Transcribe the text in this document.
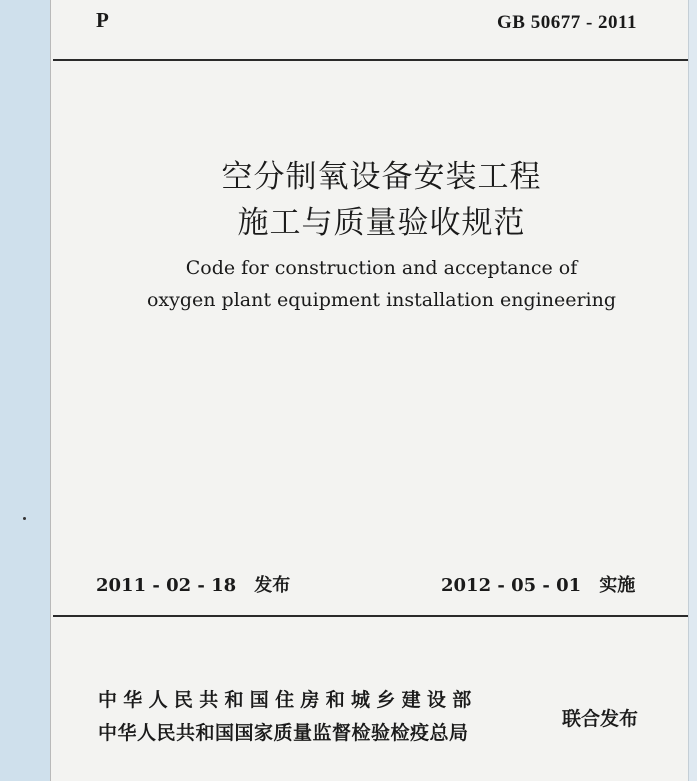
P	GB 50677 - 2011
空分制氧设备安装工程
施工与质量验收规范
Code for construction and acceptance of
oxygen plant equipment installation engineering
2011 - 02 - 18　发布	2012 - 05 - 01　实施
中华人民共和国住房和城乡建设部
中华人民共和国国家质量监督检验检疫总局
联合发布
